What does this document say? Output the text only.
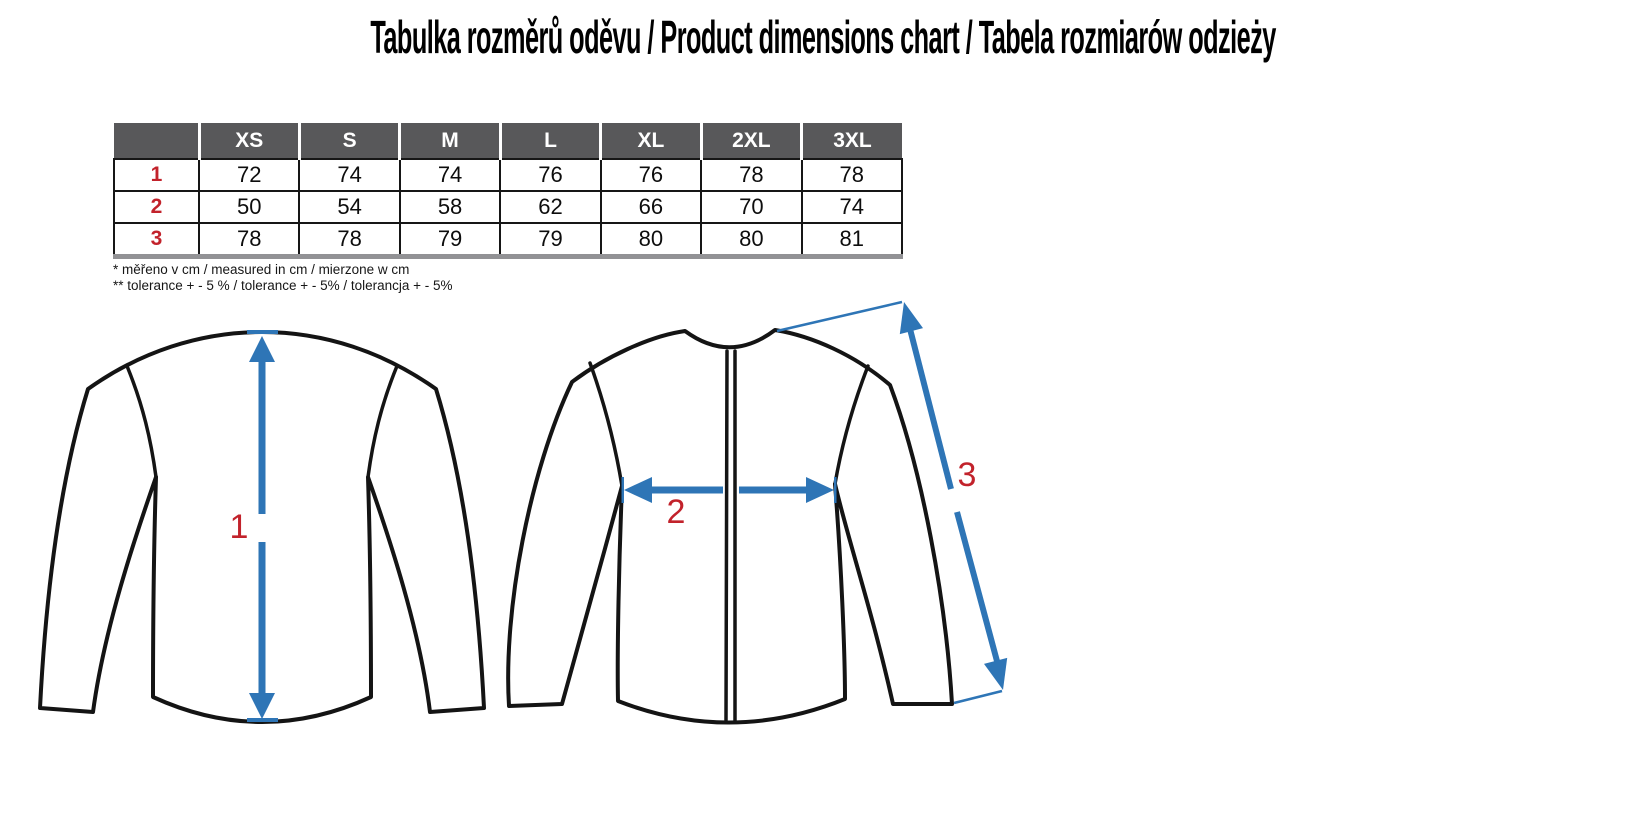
Tabulka rozměrů oděvu / Product dimensions chart / Tabela rozmiarów odzieży
	XS	S	M	L	XL	2XL	3XL
1	72	74	74	76	76	78	78
2	50	54	58	62	66	70	74
3	78	78	79	79	80	80	81
* měřeno v cm / measured in cm / mierzone w cm
** tolerance + - 5 % / tolerance + - 5% / tolerancja + - 5%
1	2
3
